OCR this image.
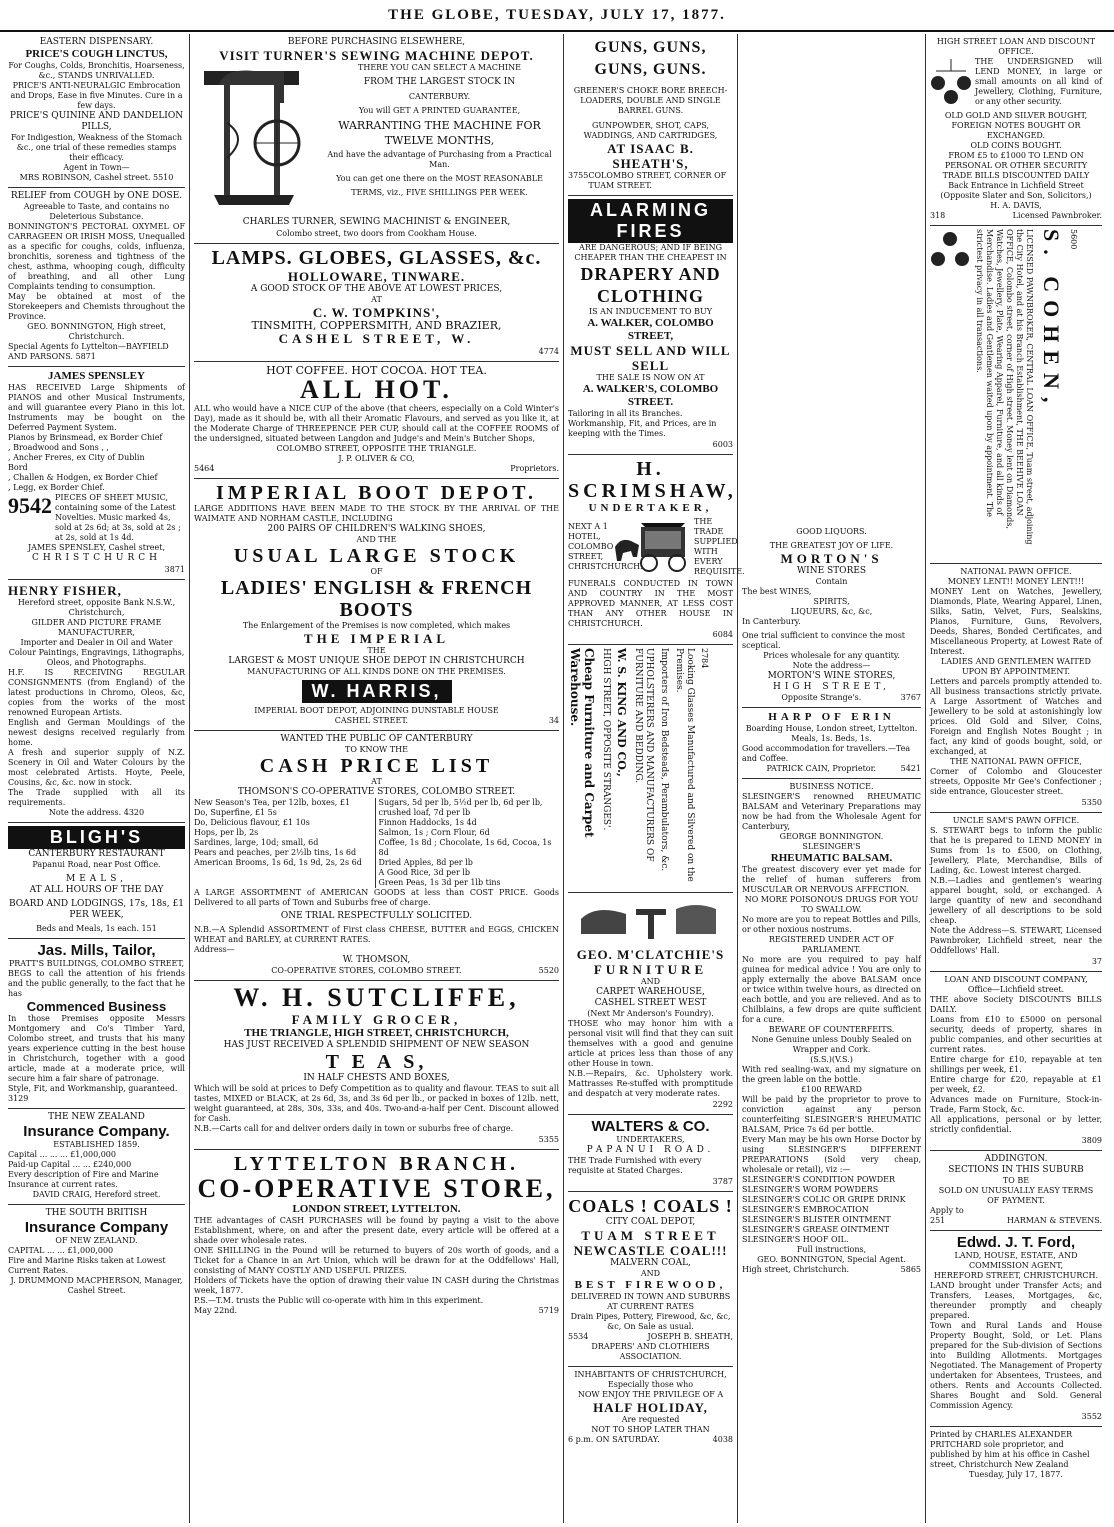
THE GLOBE, TUESDAY, JULY 17, 1877.
EASTERN DISPENSARY.
PRICE'S COUGH LINCTUS,
For Coughs, Colds, Bronchitis, Hoarseness, &c., STANDS UNRIVALLED.
PRICE'S ANTI-NEURALGIC Embrocation and Drops, Ease in five Minutes. Cure in a few days.
PRICE'S QUININE AND DANDELION PILLS,
For Indigestion, Weakness of the Stomach &c., one trial of these remedies stamps their efficacy.
Agent in Town—
MRS ROBINSON, Cashel street. 5510
RELIEF from COUGH by ONE DOSE.
Agreeable to Taste, and contains no Deleterious Substance.
BONNINGTON'S PECTORAL OXYMEL OF CARRAGEEN OR IRISH MOSS, Unequalled as a specific for coughs, colds, influenza, bronchitis, soreness and tightness of the chest, asthma, whooping cough, difficulty of breathing, and all other Lung Complaints tending to consumption.
May be obtained at most of the Storekeepers and Chemists throughout the Province.
GEO. BONNINGTON, High street, Christchurch.
Special Agents fo Lyttelton—BAYFIELD AND PARSONS. 5871
JAMES SPENSLEY
HAS RECEIVED Large Shipments of PIANOS and other Musical Instruments, and will guarantee every Piano in this lot. Instruments may be bought on the Deferred Payment System.
Pianos by Brinsmead, ex Border Chief
, Broadwood and Sons , ,
, Ancher Freres, ex City of Dublin
Bord
, Challen & Hodgen, ex Border Chief
, Legg, ex Border Chief.
9542 PIECES OF SHEET MUSIC, containing some of the Latest Novelties. Music marked 4s, sold at 2s 6d; at 3s, sold at 2s ; at 2s, sold at 1s 4d.
JAMES SPENSLEY, Cashel street,
CHRISTCHURCH
3871
HENRY FISHER,
Hereford street, opposite Bank N.S.W., Christchurch,
GILDER AND PICTURE FRAME MANUFACTURER,
Importer and Dealer in Oil and Water Colour Paintings, Engravings, Lithographs, Oleos, and Photographs.
H.F. IS RECEIVING REGULAR CONSIGNMENTS (from England) of the latest productions in Chromo, Oleos, &c, copies from the works of the most renowned European Artists.
English and German Mouldings of the newest designs received regularly from home.
A fresh and superior supply of N.Z. Scenery in Oil and Water Colours by the most celebrated Artists. Hoyte, Peele, Cousins, &c, &c. now in stock.
The Trade supplied with all its requirements.
Note the address. 4320
BLIGH'S
CANTERBURY RESTAURANT
Papanui Road, near Post Office.
MEALS,
AT ALL HOURS OF THE DAY
BOARD AND LODGINGS, 17s, 18s, £1 PER WEEK,
Beds and Meals, 1s each. 151
Jas. Mills, Tailor,
PRATT'S BUILDINGS, COLOMBO STREET,
BEGS to call the attention of his friends and the public generally, to the fact that he has
Commenced Business
In those Premises opposite Messrs Montgomery and Co's Timber Yard, Colombo street, and trusts that his many years experience cutting in the best house in Christchurch, together with a good article, made at a moderate price, will secure him a fair share of patronage.
Style, Fit, and Workmanship, guaranteed. 3129
THE NEW ZEALAND
Insurance Company.
ESTABLISHED 1859.
Capital ... ... ... £1,000,000
Paid-up Capital ... ... £240,000
Every description of Fire and Marine Insurance at current rates.
DAVID CRAIG, Hereford street.
THE SOUTH BRITISH
Insurance Company
OF NEW ZEALAND.
CAPITAL ... ... £1,000,000
Fire and Marine Risks taken at Lowest Current Rates.
J. DRUMMOND MACPHERSON, Manager, Cashel Street.
BEFORE PURCHASING ELSEWHERE,
VISIT TURNER'S SEWING MACHINE DEPOT.
THERE YOU CAN SELECT A MACHINE
FROM THE LARGEST STOCK IN
CANTERBURY.
You will GET A PRINTED GUARANTEE,
WARRANTING THE MACHINE FOR
TWELVE MONTHS,
And have the advantage of Purchasing from a Practical Man.
You can get one there on the MOST REASONABLE
TERMS, viz., FIVE SHILLINGS PER WEEK.
CHARLES TURNER, SEWING MACHINIST & ENGINEER,
Colombo street, two doors from Cookham House.
LAMPS. GLOBES, GLASSES, &c.
HOLLOWARE, TINWARE.
A GOOD STOCK OF THE ABOVE AT LOWEST PRICES,
AT
C. W. TOMPKINS',
TINSMITH, COPPERSMITH, AND BRAZIER,
CASHEL STREET, W.
4774
HOT COFFEE. HOT COCOA. HOT TEA.
ALL HOT.
ALL who would have a NICE CUP of the above (that cheers, especially on a Cold Winter's Day), made as it should be, with all their Aromatic Flavours, and served as you like it, at the Moderate Charge of THREEPENCE PER CUP, should call at the COFFEE ROOMS of the undersigned, situated between Langdon and Judge's and Mein's Butcher Shops,
COLOMBO STREET, OPPOSITE THE TRIANGLE.
J. P. OLIVER & CO,
5464	Proprietors.
IMPERIAL BOOT DEPOT.
LARGE ADDITIONS HAVE BEEN MADE TO THE STOCK BY THE ARRIVAL OF THE WAIMATE AND NORHAM CASTLE, INCLUDING
200 PAIRS OF CHILDREN'S WALKING SHOES,
AND THE
USUAL LARGE STOCK
OF
LADIES' ENGLISH & FRENCH BOOTS
The Enlargement of the Premises is now completed, which makes
THE IMPERIAL
THE
LARGEST & MOST UNIQUE SHOE DEPOT IN CHRISTCHURCH
MANUFACTURING OF ALL KINDS DONE ON THE PREMISES.
W. HARRIS,
IMPERIAL BOOT DEPOT, ADJOINING DUNSTABLE HOUSE
CASHEL STREET.	34
WANTED THE PUBLIC OF CANTERBURY
TO KNOW THE
CASH PRICE LIST
AT
THOMSON'S CO-OPERATIVE STORES, COLOMBO STREET.
New Season's Tea, per 12lb, boxes, £1
Do, Superfine, £1 5s
Do, Delicious flavour, £1 10s
Hops, per lb, 2s
Sardines, large, 10d; small, 6d
Pears and peaches, per 2½lb tins, 1s 6d
American Brooms, 1s 6d, 1s 9d, 2s, 2s 6d
Sugars, 5d per lb, 5½d per lb, 6d per lb, crushed loaf, 7d per lb
Finnon Haddocks, 1s 4d
Salmon, 1s ; Corn Flour, 6d
Coffee, 1s 8d ; Chocolate, 1s 6d, Cocoa, 1s 8d
Dried Apples, 8d per lb
A Good Rice, 3d per lb
Green Peas, 1s 3d per 1lb tins
A LARGE ASSORTMENT of AMERICAN GOODS at less than COST PRICE. Goods Delivered to all parts of Town and Suburbs free of charge.
ONE TRIAL RESPECTFULLY SOLICITED.
N.B.—A Splendid ASSORTMENT of First class CHEESE, BUTTER and EGGS, CHICKEN WHEAT and BARLEY, at CURRENT RATES.
Address—
W. THOMSON,
CO-OPERATIVE STORES, COLOMBO STREET.	5520
W. H. SUTCLIFFE,
FAMILY GROCER,
THE TRIANGLE, HIGH STREET, CHRISTCHURCH,
HAS JUST RECEIVED A SPLENDID SHIPMENT OF NEW SEASON
T E A S,
IN HALF CHESTS AND BOXES,
Which will be sold at prices to Defy Competition as to quality and flavour. TEAS to suit all tastes, MIXED or BLACK, at 2s 6d, 3s, and 3s 6d per lb., or packed in boxes of 12lb. nett, weight guaranteed, at 28s, 30s, 33s, and 40s. Two-and-a-half per Cent. Discount allowed for Cash.
N.B.—Carts call for and deliver orders daily in town or suburbs free of charge.
5355
LYTTELTON BRANCH.
CO-OPERATIVE STORE,
LONDON STREET, LYTTELTON.
THE advantages of CASH PURCHASES will be found by paying a visit to the above Establishment, where, on and after the present date, every article will be offered at a shade over wholesale rates.
ONE SHILLING in the Pound will be returned to buyers of 20s worth of goods, and a Ticket for a Chance in an Art Union, which will be drawn for at the Oddfellows' Hall, consisting of MANY COSTLY AND USEFUL PRIZES.
Holders of Tickets have the option of drawing their value IN CASH during the Christmas week, 1877.
P.S.—T.M. trusts the Public will co-operate with him in this experiment.
May 22nd.	5719
GUNS, GUNS, GUNS, GUNS.
GREENER'S CHOKE BORE BREECH-LOADERS, DOUBLE AND SINGLE BARREL GUNS.
GUNPOWDER, SHOT, CAPS, WADDINGS, AND CARTRIDGES,
AT ISAAC B. SHEATH'S,
3755 COLOMBO STREET, CORNER OF TUAM STREET.
ALARMING FIRES
ARE DANGEROUS; AND IF BEING CHEAPER THAN THE CHEAPEST IN
DRAPERY AND CLOTHING
IS AN INDUCEMENT TO BUY
A. WALKER, COLOMBO STREET,
MUST SELL AND WILL SELL
THE SALE IS NOW ON AT
A. WALKER'S, COLOMBO STREET.
Tailoring in all its Branches. Workmanship, Fit, and Prices, are in keeping with the Times.
6003
H. SCRIMSHAW,
UNDERTAKER,
NEXT A 1 HOTEL, COLOMBO STREET, CHRISTCHURCH.
THE TRADE SUPPLIED WITH EVERY REQUISITE.
FUNERALS CONDUCTED IN TOWN AND COUNTRY IN THE MOST APPROVED MANNER, AT LESS COST THAN ANY OTHER HOUSE IN CHRISTCHURCH.
6084
Cheap Furniture and Carpet Warehouse.	HIGH STREET, OPPOSITE STRANGES'. W. S. KING AND CO.,	UPHOLSTERERS AND MANUFACTURERS OF FURNITURE AND BEDDING.	Importers of Iron Bedsteads, Perambulators, &c.	Looking Glasses Manufactured and Silvered on the Premises.	2784
GEO. M'CLATCHIE'S
FURNITURE
AND
CARPET WAREHOUSE,
CASHEL STREET WEST
(Next Mr Anderson's Foundry).
THOSE who may honor him with a personal visit will find that they can suit themselves with a good and genuine article at prices less than those of any other House in town.
N.B.—Repairs, &c. Upholstery work. Mattrasses Re-stuffed with promptitude and despatch at very moderate rates.
2292
WALTERS & CO.
UNDERTAKERS,
PAPANUI ROAD.
THE Trade Furnished with every requisite at Stated Charges.
3787
COALS ! COALS !
CITY COAL DEPOT,
TUAM STREET
NEWCASTLE COAL!!!
MALVERN COAL,
AND
BEST FIREWOOD,
DELIVERED IN TOWN AND SUBURBS AT CURRENT RATES
Drain Pipes, Pottery, Firewood, &c, &c, &c, On Sale as usual.
5534	JOSEPH B. SHEATH,
DRAPERS' AND CLOTHIERS ASSOCIATION.
INHABITANTS OF CHRISTCHURCH,
Especially those who
NOW ENJOY THE PRIVILEGE OF A
HALF HOLIDAY,
Are requested
NOT TO SHOP LATER THAN
6 p.m. ON SATURDAY.	4038
GOOD LIQUORS.
THE GREATEST JOY OF LIFE.
MORTON'S
WINE STORES
Contain
The best WINES,
SPIRITS,
LIQUEURS, &c, &c,
In Canterbury.
One trial sufficient to convince the most sceptical.
Prices wholesale for any quantity.
Note the address—
MORTON'S WINE STORES,
HIGH STREET,
Opposite Strange's.	3767
HARP OF ERIN
Boarding House, London street, Lyttelton.
Meals, 1s. Beds, 1s.
Good accommodation for travellers.—Tea and Coffee.
PATRICK CAIN, Proprietor.	5421
BUSINESS NOTICE.
SLESINGER'S renowned RHEUMATIC BALSAM and Veterinary Preparations may now be had from the Wholesale Agent for Canterbury,
GEORGE BONNINGTON.
SLESINGER'S
RHEUMATIC BALSAM.
The greatest discovery ever yet made for the relief of human sufferers from MUSCULAR OR NERVOUS AFFECTION.
NO MORE POISONOUS DRUGS FOR YOU TO SWALLOW.
No more are you to repeat Bottles and Pills, or other noxious nostrums.
REGISTERED UNDER ACT OF PARLIAMENT.
No more are you required to pay half guinea for medical advice ! You are only to apply externally the above BALSAM once or twice within twelve hours, as directed on each bottle, and you are relieved. And as to Chilblains, a few drops are quite sufficient for a cure.
BEWARE OF COUNTERFEITS.
None Genuine unless Doubly Sealed on Wrapper and Cork.
(S.S.)(V.S.)
With red sealing-wax, and my signature on the green lable on the bottle.
£100 REWARD
Will be paid by the proprietor to prove to conviction against any person counterfeiting SLESINGER'S RHEUMATIC BALSAM, Price 7s 6d per bottle.
Every Man may be his own Horse Doctor by using SLESINGER'S DIFFERENT PREPARATIONS (Sold very cheap, wholesale or retail), viz :—
SLESINGER'S CONDITION POWDER
SLESINGER'S WORM POWDERS
SLESINGER'S COLIC OR GRIPE DRINK
SLESINGER'S EMBROCATION
SLESINGER'S BLISTER OINTMENT
SLESINGER'S GREASE OINTMENT
SLESINGER'S HOOF OIL.
Full instructions,
GEO. BONNINGTON, Special Agent.
High street, Christchurch.	5865
HIGH STREET LOAN AND DISCOUNT OFFICE.
THE UNDERSIGNED will LEND MONEY, in large or small amounts on all kind of Jewellery, Clothing, Furniture, or any other security.
OLD GOLD AND SILVER BOUGHT, FOREIGN NOTES BOUGHT OR EXCHANGED.
OLD COINS BOUGHT.
FROM £5 to £1000 TO LEND ON PERSONAL OR OTHER SECURITY
TRADE BILLS DISCOUNTED DAILY
Back Entrance in Lichfield Street
(Opposite Slater and Son, Solicitors,)
H. A. DAVIS,
318	Licensed Pawnbroker.
LICENSED PAWNBROKER, CENTRAL LOAN OFFICE, Tuam street, adjoining the City Hotel, and at his Branch Establishment, THE BEEHIVE LOAN OFFICE, Colombo street, corner of High street. Money lent on Diamonds, Watches, Jewellery, Plate, Wearing Apparel, Furniture, and all kinds of Merchandise. Ladies and Gentlemen waited upon by appointment. The strictest privacy in all transactions.	S. COHEN, 5600
NATIONAL PAWN OFFICE.
MONEY LENT!! MONEY LENT!!!
MONEY Lent on Watches, Jewellery, Diamonds, Plate, Wearing Apparel, Linen, Silks, Satin, Velvet, Furs, Sealskins, Pianos, Furniture, Guns, Revolvers, Deeds, Shares, Bonded Certificates, and Miscellaneous Property, at Lowest Rate of Interest.
LADIES AND GENTLEMEN WAITED UPON BY APPOINTMENT.
Letters and parcels promptly attended to. All business transactions strictly private. A Large Assortment of Watches and Jewellery to be sold at astonishingly low prices. Old Gold and Silver, Coins, Foreign and English Notes Bought ; in fact, any kind of goods bought, sold, or exchanged, at
THE NATIONAL PAWN OFFICE,
Corner of Colombo and Gloucester streets, Opposite Mr Gee's Confectioner ; side entrance, Gloucester street.
5350
UNCLE SAM'S PAWN OFFICE.
S. STEWART begs to inform the public that he is prepared to LEND MONEY in Sums from 1s to £500, on Clothing, Jewellery, Plate, Merchandise, Bills of Lading, &c. Lowest interest charged.
N.B.—Ladies and gentlemen's wearing apparel bought, sold, or exchanged. A large quantity of new and secondhand jewellery of all descriptions to be sold cheap.
Note the Address—S. STEWART, Licensed Pawnbroker, Lichfield street, near the Oddfellows' Hall.
37
LOAN AND DISCOUNT COMPANY,
Office—Lichfield street.
THE above Society DISCOUNTS BILLS DAILY.
Loans from £10 to £5000 on personal security, deeds of property, shares in public companies, and other securities at current rates.
Entire charge for £10, repayable at ten shillings per week, £1.
Entire charge for £20, repayable at £1 per week, £2.
Advances made on Furniture, Stock-in-Trade, Farm Stock, &c.
All applications, personal or by letter, strictly confidential.
3809
ADDINGTON.
SECTIONS IN THIS SUBURB
TO BE
SOLD ON UNUSUALLY EASY TERMS
OF PAYMENT.
Apply to
251	HARMAN & STEVENS.
Edwd. J. T. Ford,
LAND, HOUSE, ESTATE, AND
COMMISSION AGENT,
HEREFORD STREET, CHRISTCHURCH.
LAND brought under Transfer Acts; and Transfers, Leases, Mortgages, &c, thereunder promptly and cheaply prepared.
Town and Rural Lands and House Property Bought, Sold, or Let. Plans prepared for the Sub-division of Sections into Building Allotments. Mortgages Negotiated. The Management of Property undertaken for Absentees, Trustees, and others. Rents and Accounts Collected. Shares Bought and Sold. General Commission Agency.
3552
Printed by CHARLES ALEXANDER PRITCHARD sole proprietor, and published by him at his office in Cashel street, Christchurch New Zealand
Tuesday, July 17, 1877.
